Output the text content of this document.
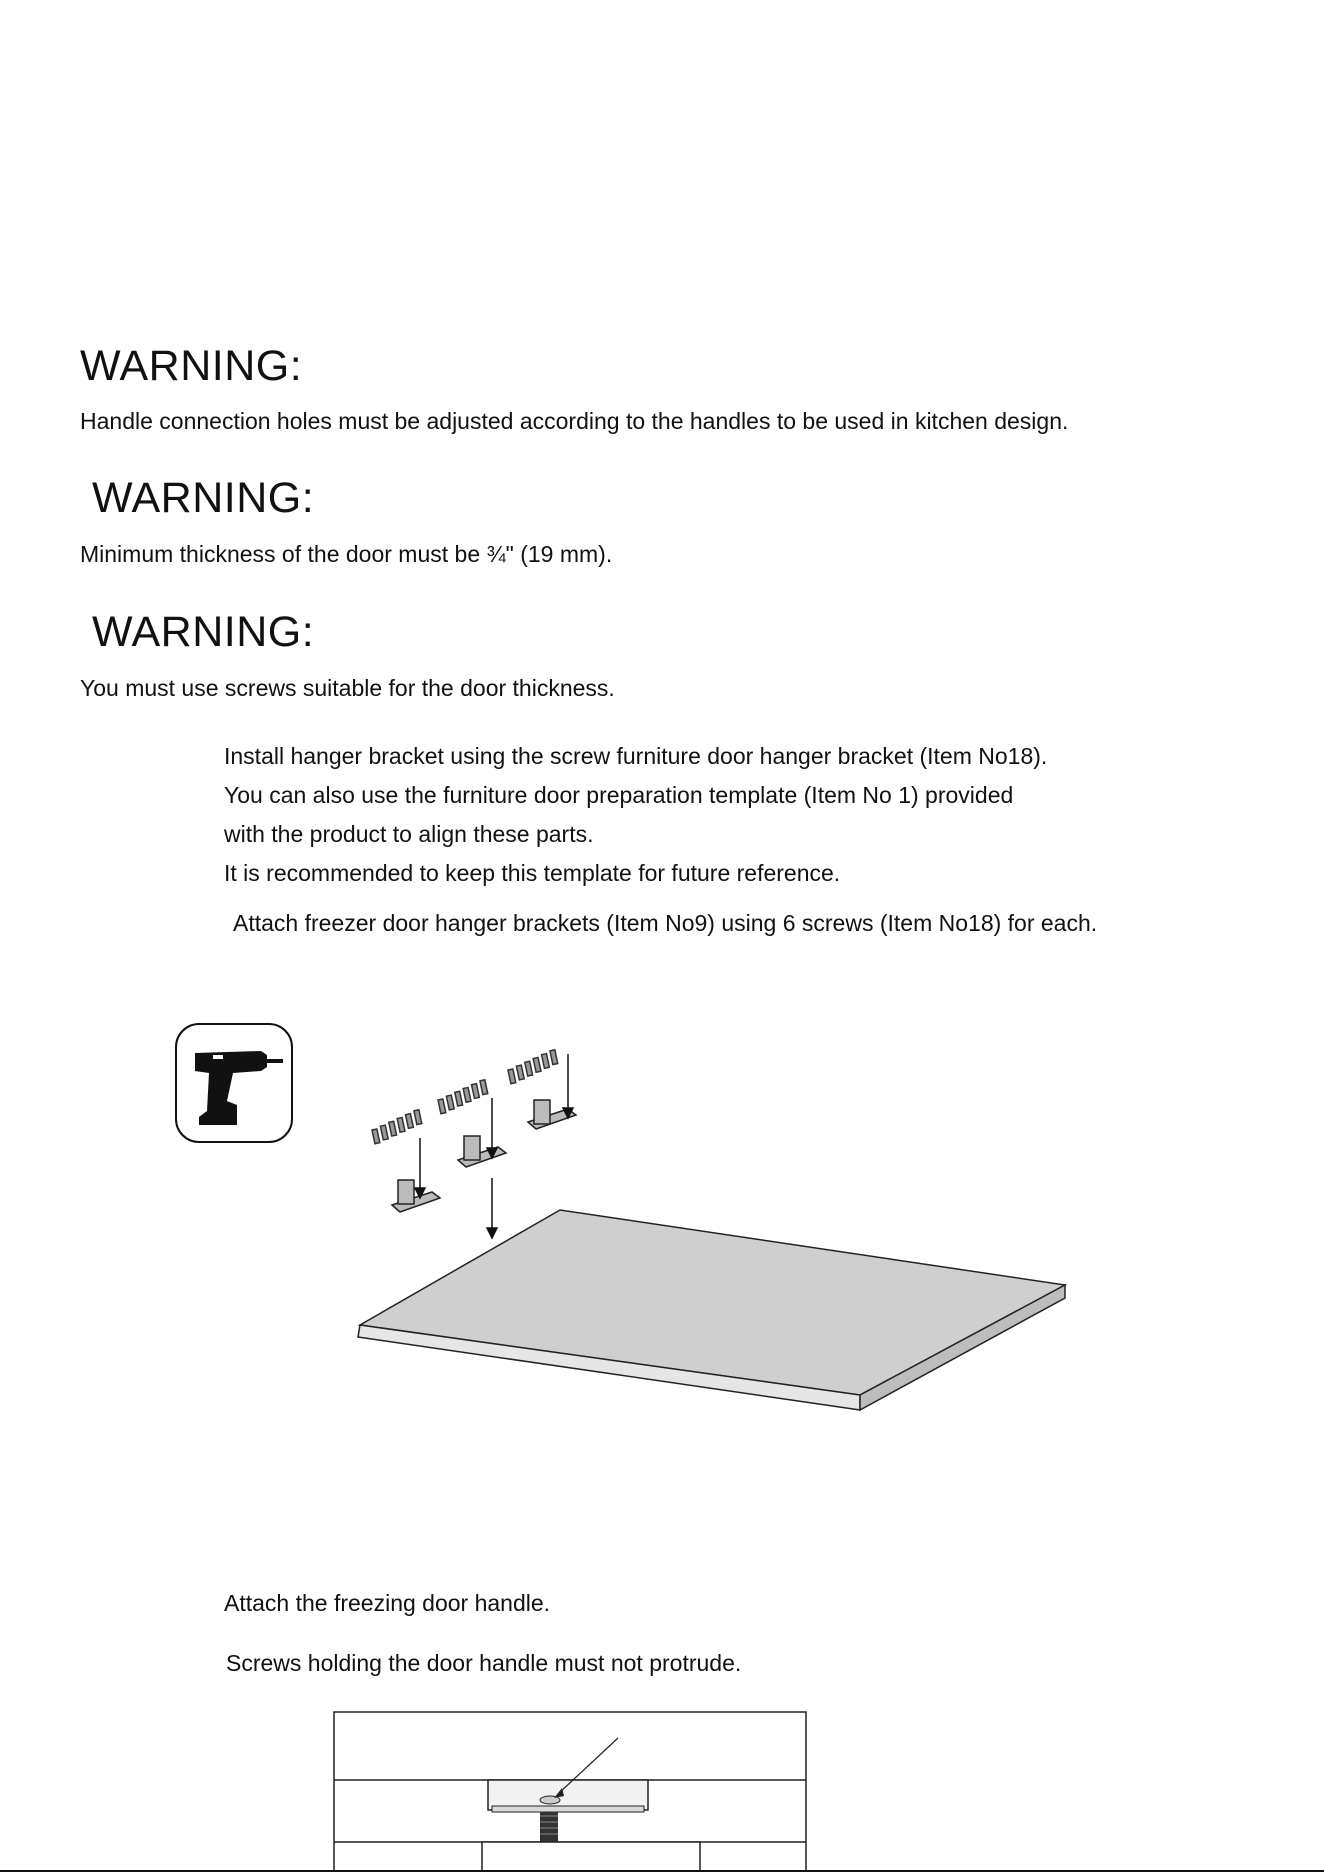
WARNING:
Handle connection holes must be adjusted according to the handles to be used in kitchen design.
WARNING:
Minimum thickness of the door must be ¾" (19 mm).
WARNING:
You must use screws suitable for the door thickness.
Install hanger bracket using the screw furniture door hanger bracket (Item No18).
You can also use the furniture door preparation template (Item No 1) provided
with the product to align these parts.
It is recommended to keep this template for future reference.
Attach freezer door hanger brackets (Item No9) using 6 screws (Item No18) for each.
Attach the freezing door handle.
Screws holding the door handle must not protrude.
